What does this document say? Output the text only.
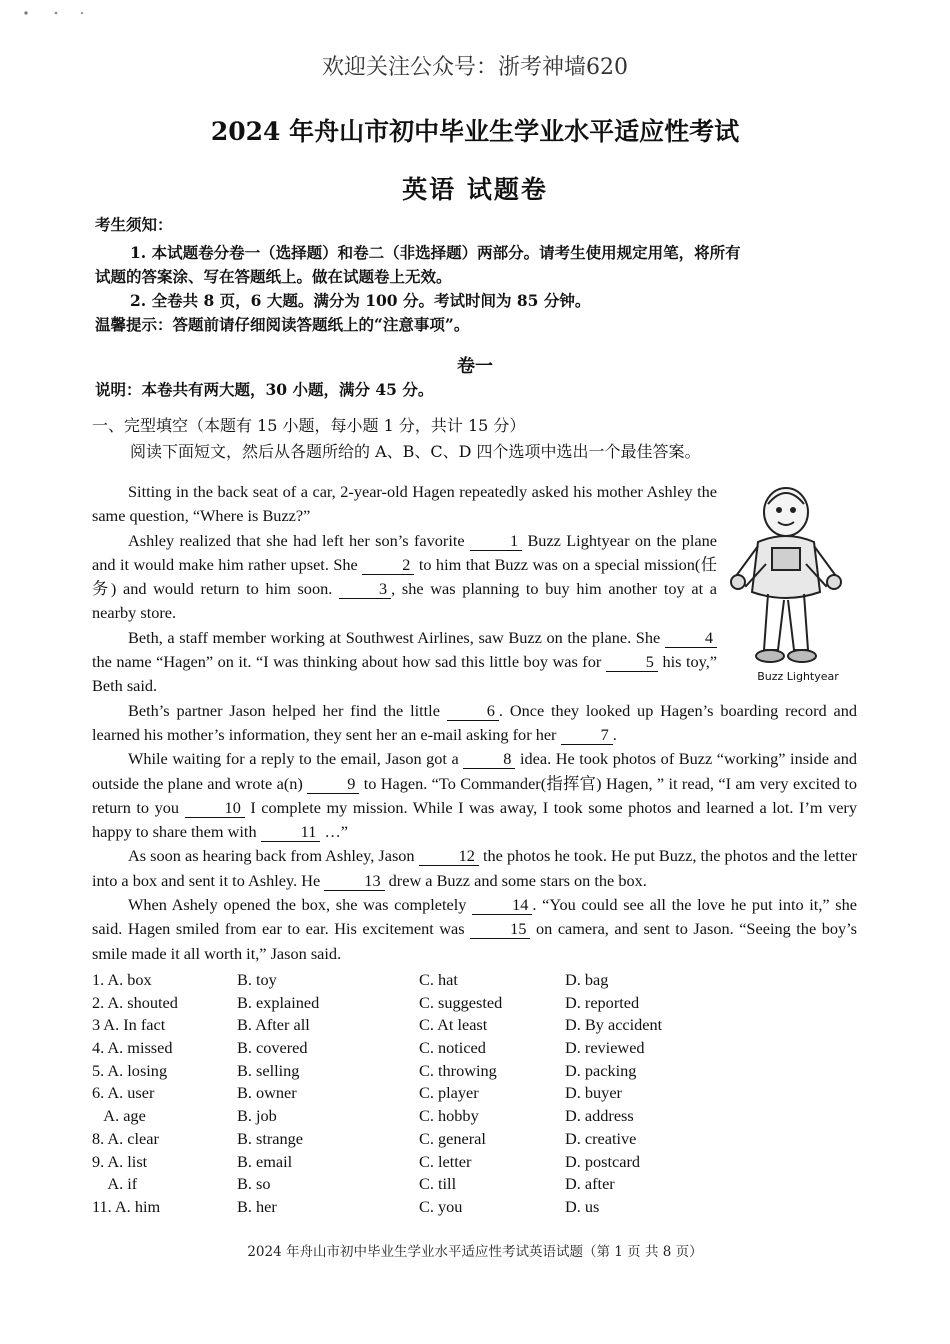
欢迎关注公众号：浙考神墙620
2024 年舟山市初中毕业生学业水平适应性考试
英语 试题卷
考生须知：
1. 本试题卷分卷一（选择题）和卷二（非选择题）两部分。请考生使用规定用笔，将所有
试题的答案涂、写在答题纸上。做在试题卷上无效。
2. 全卷共 8 页，6 大题。满分为 100 分。考试时间为 85 分钟。
温馨提示：答题前请仔细阅读答题纸上的“注意事项”。
卷一
说明：本卷共有两大题，30 小题，满分 45 分。
一、完型填空（本题有 15 小题，每小题 1 分，共计 15 分）
阅读下面短文，然后从各题所给的 A、B、C、D 四个选项中选出一个最佳答案。
Buzz Lightyear

Sitting in the back seat of a car, 2-year-old Hagen repeatedly asked his mother Ashley the same question, “Where is Buzz?”

Ashley realized that she had left her son’s favorite	1 Buzz Lightyear on the plane and it would make him rather upset. She	2 to him that Buzz was on a special mission(任务) and would return to him soon.	3 , she was planning to buy him another toy at a nearby store.

Beth, a staff member working at Southwest Airlines, saw Buzz on the plane. She	4 the name “Hagen” on it. “I was thinking about how sad this little boy was for	5 his toy,” Beth said.

Beth’s partner Jason helped her find the little	6 . Once they looked up Hagen’s boarding record and learned his mother’s information, they sent her an e-mail asking for her	7 .

While waiting for a reply to the email, Jason got a	8 idea. He took photos of Buzz “working” inside and outside the plane and wrote a(n)	9 to Hagen. “To Commander(指挥官) Hagen, ” it read, “I am very excited to return to you	10 I complete my mission. While I was away, I took some photos and learned a lot. I’m very happy to share them with	11 …”

As soon as hearing back from Ashley, Jason	12 the photos he took. He put Buzz, the photos and the letter into a box and sent it to Ashley. He	13 drew a Buzz and some stars on the box.

When Ashely opened the box, she was completely	14 . “You could see all the love he put into it,” she said. Hagen smiled from ear to ear. His excitement was	15 on camera, and sent to Jason. “Seeing the boy’s smile made it all worth it,” Jason said.

1. A. box	B. toy	C. hat	D. bag
2. A. shouted	B. explained	C. suggested	D. reported
3 A. In fact	B. After all	C. At least	D. By accident
4. A. missed	B. covered	C. noticed	D. reviewed
5. A. losing	B. selling	C. throwing	D. packing
6. A. user	B. owner	C. player	D. buyer
A. age	B. job	C. hobby	D. address
8. A. clear	B. strange	C. general	D. creative
9. A. list	B. email	C. letter	D. postcard
A. if	B. so	C. till	D. after
11. A. him	B. her	C. you	D. us
2024 年舟山市初中毕业生学业水平适应性考试英语试题（第 1 页 共 8 页）
